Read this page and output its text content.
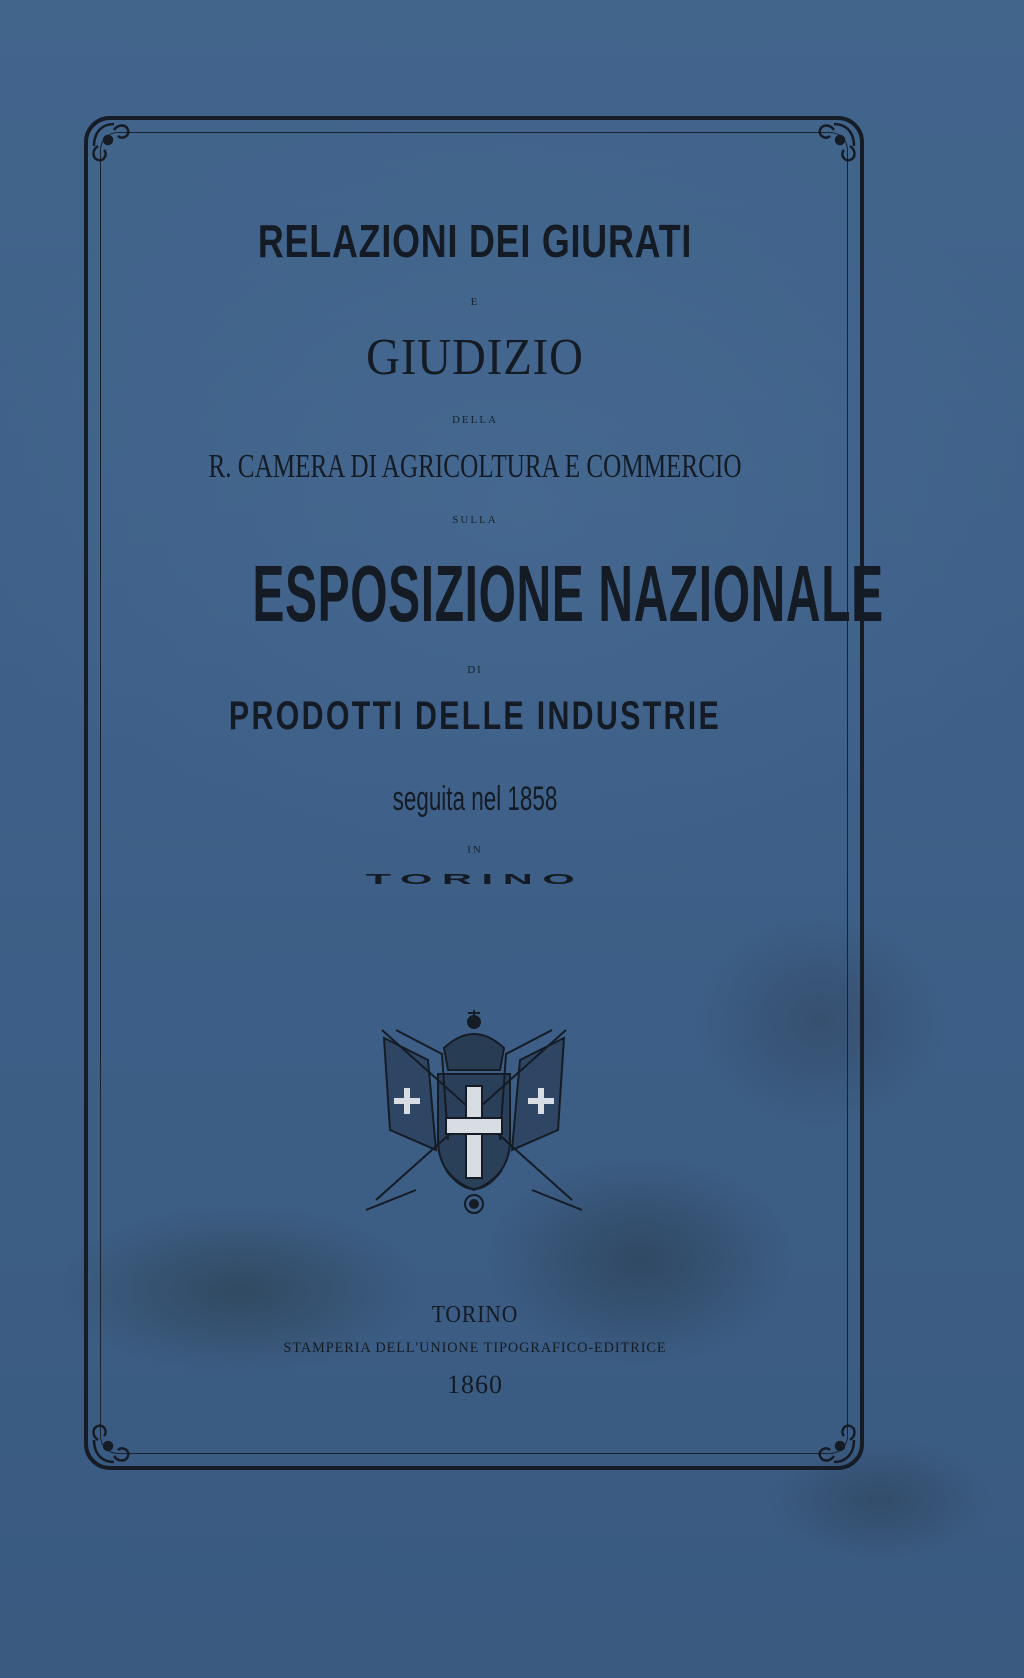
RELAZIONI DEI GIURATI
E
GIUDIZIO
DELLA
R. CAMERA DI AGRICOLTURA E COMMERCIO
SULLA
ESPOSIZIONE NAZIONALE
DI
PRODOTTI DELLE INDUSTRIE
seguita nel 1858
IN
TORINO
TORINO
STAMPERIA DELL'UNIONE TIPOGRAFICO-EDITRICE
1860
